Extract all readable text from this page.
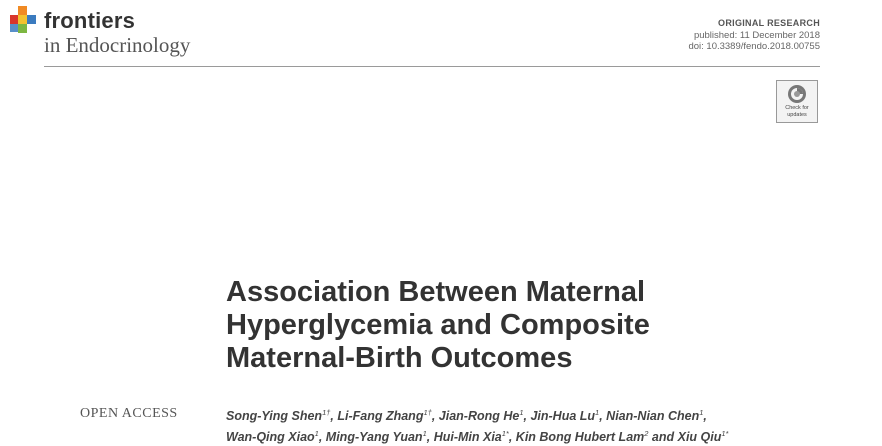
frontiers
in Endocrinology
ORIGINAL RESEARCH
published: 11 December 2018
doi: 10.3389/fendo.2018.00755
Check for
updates
Association Between Maternal
Hyperglycemia and Composite
Maternal-Birth Outcomes
OPEN ACCESS	Song-Ying Shen$^{1\dagger}$, Li-Fang Zhang$^{1\dagger}$, Jian-Rong He$^1$, Jin-Hua Lu$^1$, Nian-Nian Chen$^1$,
Wan-Qing Xiao$^1$, Ming-Yang Yuan$^1$, Hui-Min Xia$^{1*}$, Kin Bong Hubert Lam$^2$ and Xiu Qiu$^{1*}$
